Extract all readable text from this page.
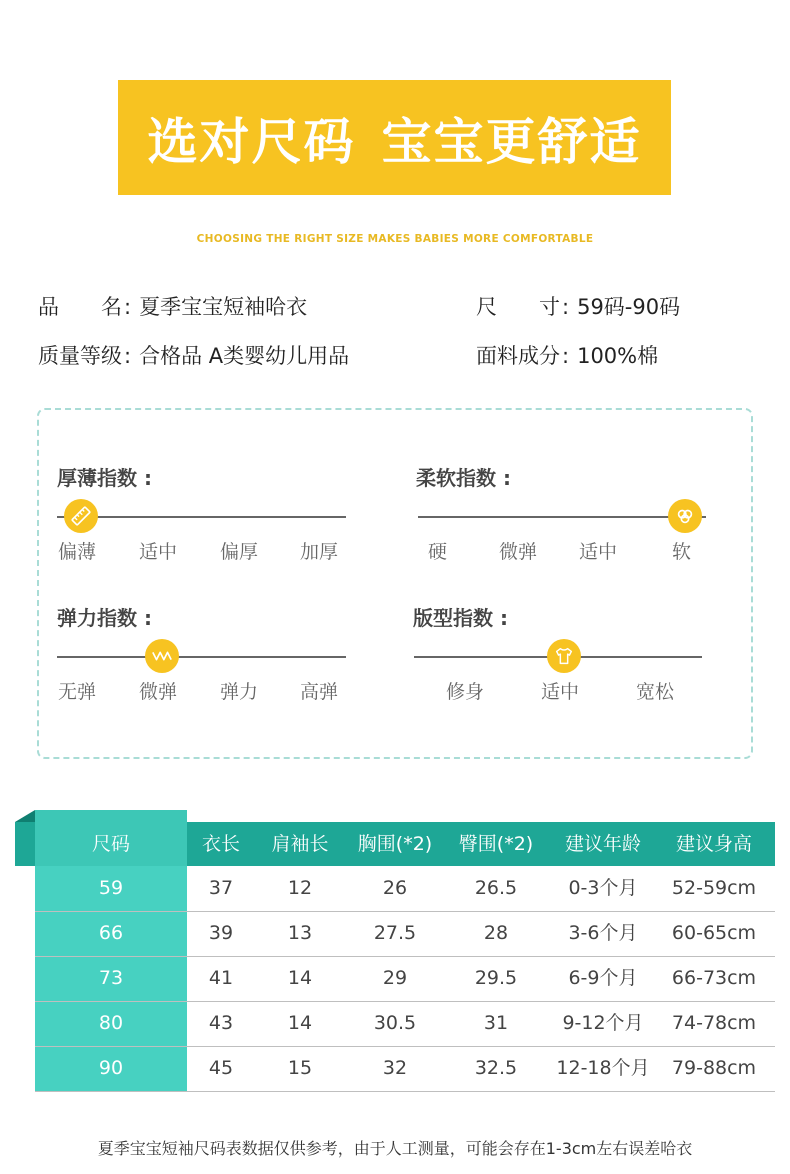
选对尺码 宝宝更舒适
CHOOSING THE RIGHT SIZE MAKES BABIES MORE COMFORTABLE
品　　名: 夏季宝宝短袖哈衣	尺　　寸: 59码-90码
质量等级: 合格品 A类婴幼儿用品	面料成分: 100%棉
厚薄指数 :
偏薄 适中 偏厚 加厚
柔软指数 :
硬	微弹 适中	软
弹力指数 :
无弹 微弹 弹力 高弹
版型指数 :
修身	适中	宽松
尺码	衣长	肩袖长	胸围(*2)	臀围(*2)	建议年龄	建议身高
59	37	12	26	26.5	0-3个月	52-59cm
66	39	13	27.5	28	3-6个月	60-65cm
73	41	14	29	29.5	6-9个月	66-73cm
80	43	14	30.5	31	9-12个月	74-78cm
90	45	15	32	32.5	12-18个月	79-88cm
夏季宝宝短袖尺码表数据仅供参考，由于人工测量，可能会存在1-3cm左右误差哈衣
